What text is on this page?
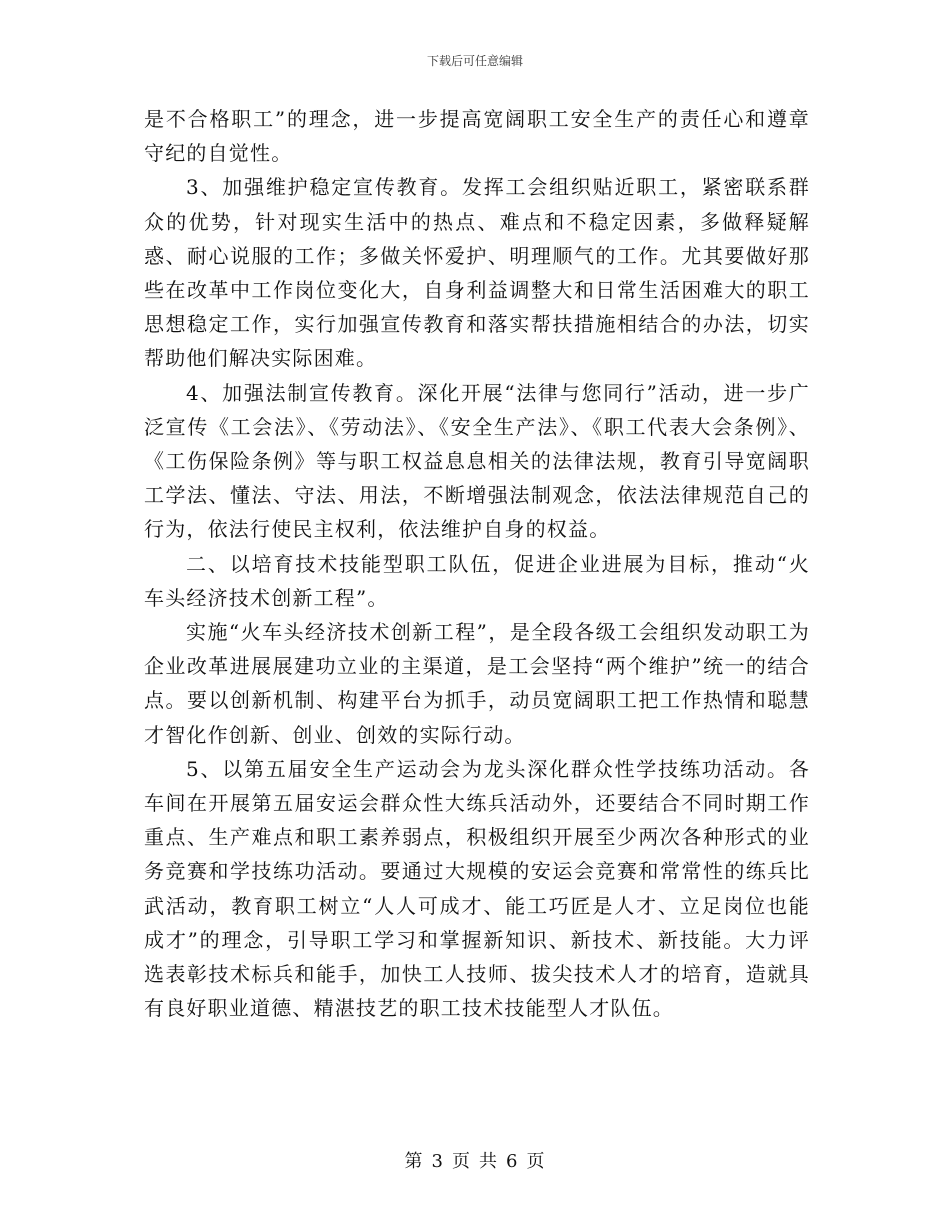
下载后可任意编辑

是不合格职工”的理念，进一步提高宽阔职工安全生产的责任心和遵章守纪的自觉性。

3、加强维护稳定宣传教育。发挥工会组织贴近职工，紧密联系群众的优势，针对现实生活中的热点、难点和不稳定因素，多做释疑解惑、耐心说服的工作；多做关怀爱护、明理顺气的工作。尤其要做好那些在改革中工作岗位变化大，自身利益调整大和日常生活困难大的职工思想稳定工作，实行加强宣传教育和落实帮扶措施相结合的办法，切实帮助他们解决实际困难。

4、加强法制宣传教育。深化开展“法律与您同行”活动，进一步广泛宣传《工会法》、《劳动法》、《安全生产法》、《职工代表大会条例》、《工伤保险条例》等与职工权益息息相关的法律法规，教育引导宽阔职工学法、懂法、守法、用法，不断增强法制观念，依法法律规范自己的行为，依法行使民主权利，依法维护自身的权益。

二、以培育技术技能型职工队伍，促进企业进展为目标，推动“火车头经济技术创新工程”。

实施“火车头经济技术创新工程”，是全段各级工会组织发动职工为企业改革进展展建功立业的主渠道，是工会坚持“两个维护”统一的结合点。要以创新机制、构建平台为抓手，动员宽阔职工把工作热情和聪慧才智化作创新、创业、创效的实际行动。

5、以第五届安全生产运动会为龙头深化群众性学技练功活动。各车间在开展第五届安运会群众性大练兵活动外，还要结合不同时期工作重点、生产难点和职工素养弱点，积极组织开展至少两次各种形式的业务竞赛和学技练功活动。要通过大规模的安运会竞赛和常常性的练兵比武活动，教育职工树立“人人可成才、能工巧匠是人才、立足岗位也能成才”的理念，引导职工学习和掌握新知识、新技术、新技能。大力评选表彰技术标兵和能手，加快工人技师、拔尖技术人才的培育，造就具有良好职业道德、精湛技艺的职工技术技能型人才队伍。

第 3 页 共 6 页
